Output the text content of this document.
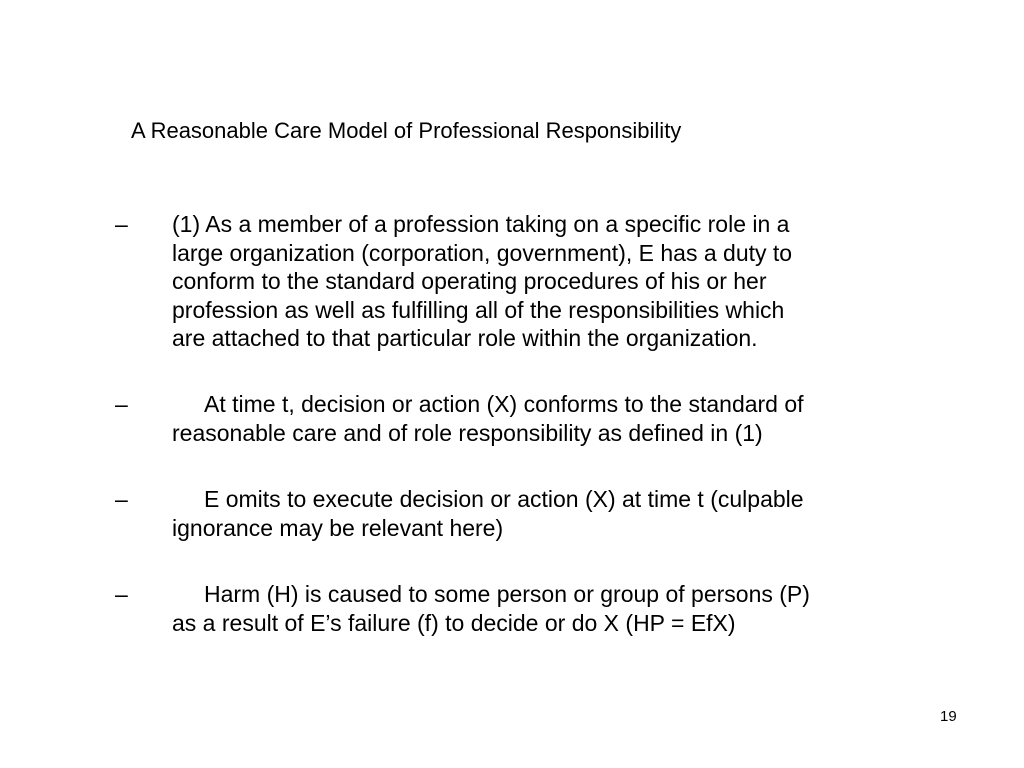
A Reasonable Care Model of Professional Responsibility
– (1) As a member of a profession taking on a specific role in a
large organization (corporation, government), E has a duty to
conform to the standard operating procedures of his or her
profession as well as fulfilling all of the responsibilities which
are attached to that particular role within the organization.
–	At time t, decision or action (X) conforms to the standard of
reasonable care and of role responsibility as defined in (1)
–	E omits to execute decision or action (X) at time t (culpable
ignorance may be relevant here)
–	Harm (H) is caused to some person or group of persons (P)
as a result of E’s failure (f) to decide or do X (HP = EfX)
19
